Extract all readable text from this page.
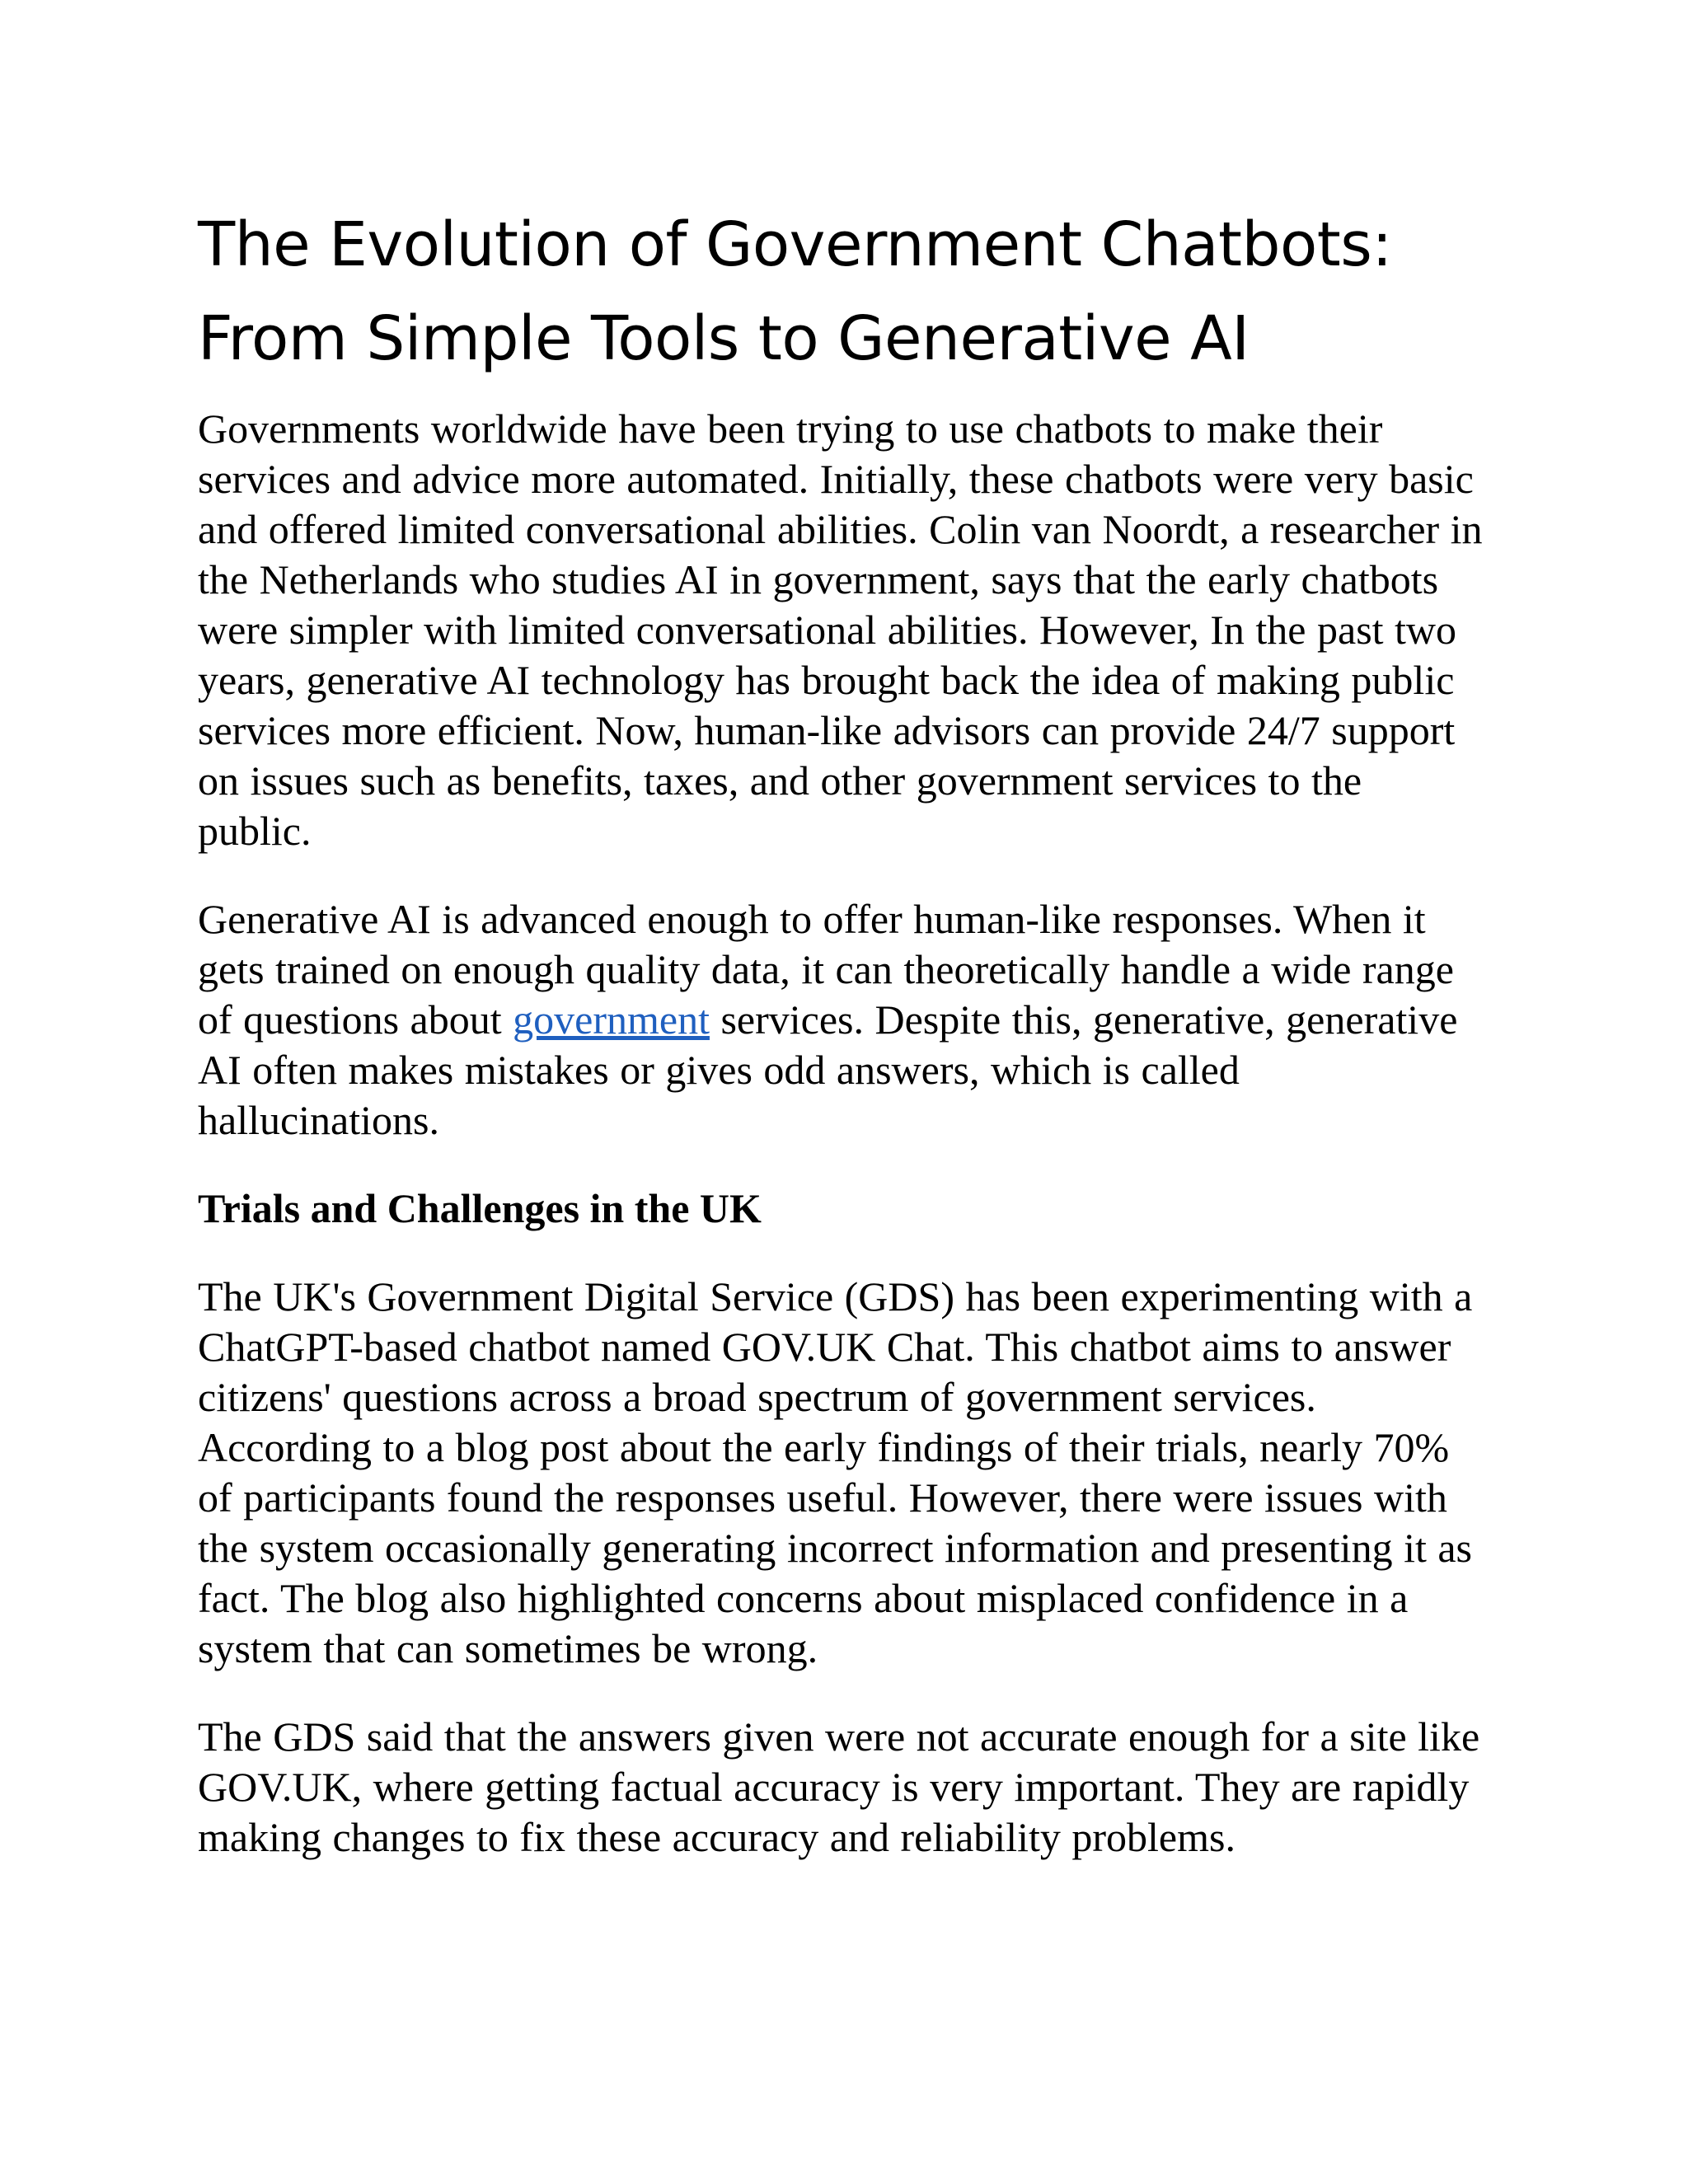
The Evolution of Government Chatbots: From Simple Tools to Generative AI

Governments worldwide have been trying to use chatbots to make their services and advice more automated. Initially, these chatbots were very basic and offered limited conversational abilities. Colin van Noordt, a researcher in the Netherlands who studies AI in government, says that the early chatbots were simpler with limited conversational abilities. However, In the past two years, generative AI technology has brought back the idea of making public services more efficient. Now, human-like advisors can provide 24/7 support on issues such as benefits, taxes, and other government services to the public.

Generative AI is advanced enough to offer human-like responses. When it gets trained on enough quality data, it can theoretically handle a wide range of questions about government services. Despite this, generative, generative AI often makes mistakes or gives odd answers, which is called hallucinations.

Trials and Challenges in the UK

The UK's Government Digital Service (GDS) has been experimenting with a ChatGPT-based chatbot named GOV.UK Chat. This chatbot aims to answer citizens' questions across a broad spectrum of government services. According to a blog post about the early findings of their trials, nearly 70% of participants found the responses useful. However, there were issues with the system occasionally generating incorrect information and presenting it as fact. The blog also highlighted concerns about misplaced confidence in a system that can sometimes be wrong.

The GDS said that the answers given were not accurate enough for a site like GOV.UK, where getting factual accuracy is very important. They are rapidly making changes to fix these accuracy and reliability problems.
